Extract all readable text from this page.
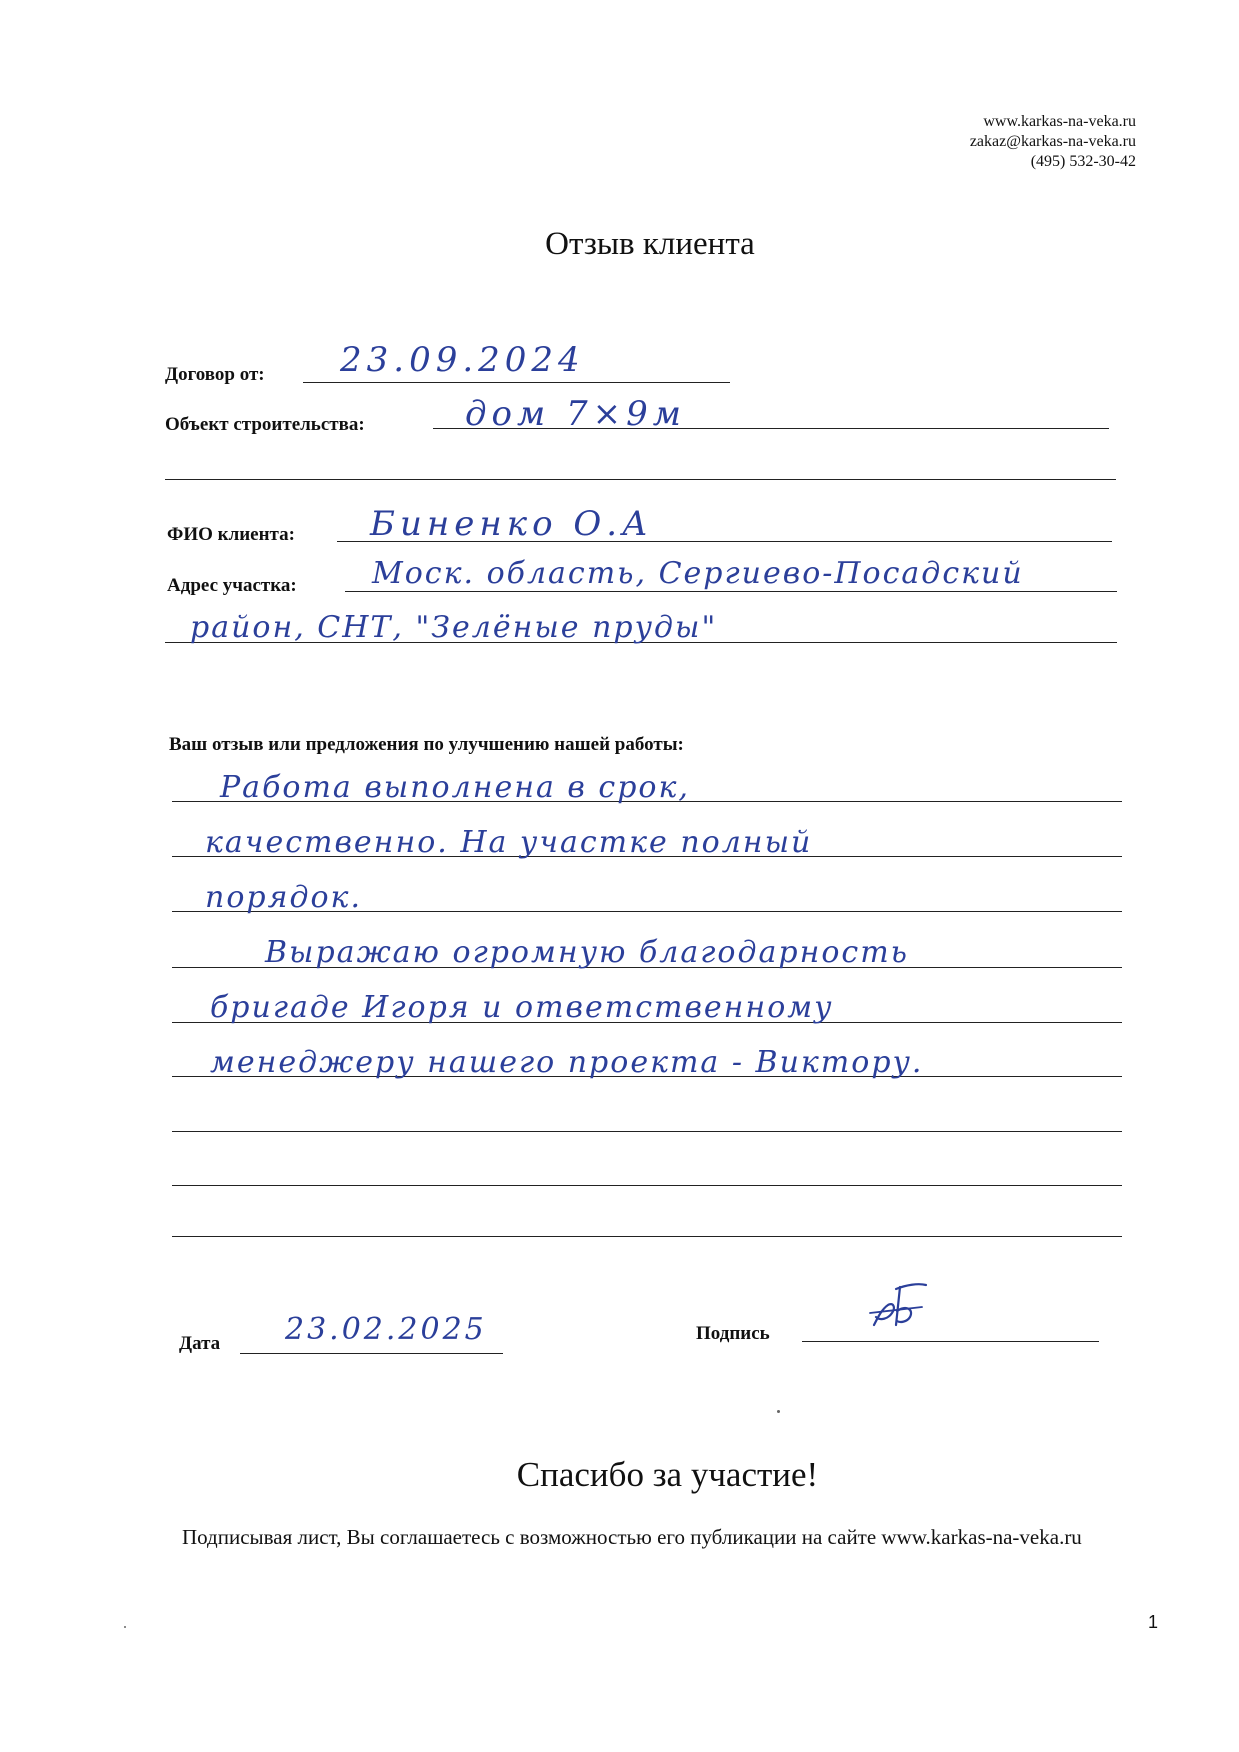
www.karkas-na-veka.ru
zakaz@karkas-na-veka.ru
(495) 532-30-42
Отзыв клиента
Договор от: 23.09.2024
Объект строительства:	дом 7×9м
ФИО клиента: Биненко О.А
Адрес участка:	Моск. область, Сергиево-Посадский
район, СНТ, "Зелёные пруды"
Ваш отзыв или предложения по улучшению нашей работы:
Работа выполнена в срок,
качественно. На участке полный
порядок.
Выражаю огромную благодарность
бригаде Игоря и ответственному
менеджеру нашего проекта - Виктору.
Дата 23.02.2025	Подпись
Спасибо за участие!
Подписывая лист, Вы соглашаетесь с возможностью его публикации на сайте www.karkas-na-veka.ru
1
